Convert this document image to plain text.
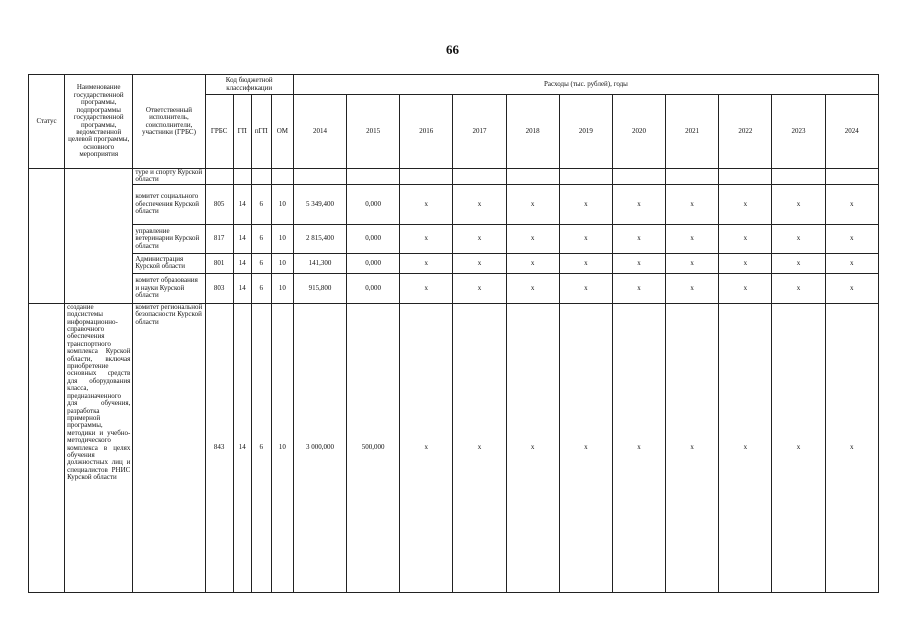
66
Статус	Наименование государственной программы, подпрограммы государственной программы, ведомственной целевой программы, основного мероприятия	Ответственный исполнитель, соисполнители, участники (ГРБС)	Код бюджетной классификации				Расходы (тыс. рублей), годы										
			ГРБС	ГП	пГП	ОМ	2014	2015	2016	2017	2018	2019	2020	2021	2022	2023	2024
		туре и спорту Курской области															
		комитет социального обеспечения Курской области	805	14	6	10	5 349,400	0,000	x	x	x	x	x	x	x	x	x
		управление ветеринарии Курской области	817	14	6	10	2 815,400	0,000	x	x	x	x	x	x	x	x	x
		Администрация Курской области	801	14	6	10	141,300	0,000	x	x	x	x	x	x	x	x	x
		комитет образования и науки Курской области	803	14	6	10	915,800	0,000	x	x	x	x	x	x	x	x	x
	создание подсистемы информационно-справочного обеспечения транспортного комплекса Курской области, включая приобретение основных средств для оборудования класса, предназначенного для обучения, разработка примерной программы, методики и учебно-методического комплекса в целях обучения должностных лиц и специалистов РНИС Курской области	комитет региональной безопасности Курской области	843	14	6	10	3 000,000	500,000	x	x	x	x	x	x	x	x	x
